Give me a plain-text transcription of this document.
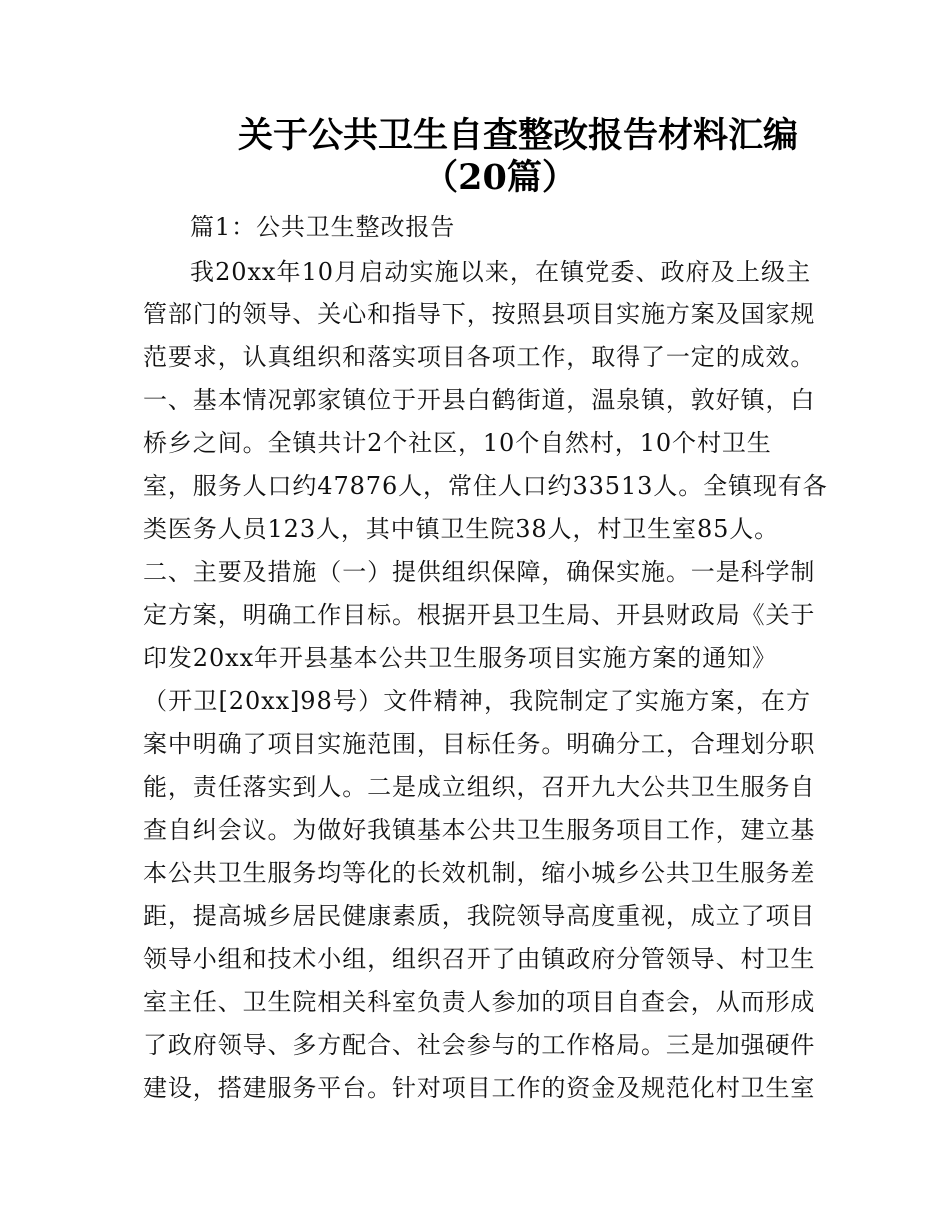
关于公共卫生自查整改报告材料汇编
（20篇）
篇1：公共卫生整改报告
我20xx年10月启动实施以来，在镇党委、政府及上级主
管部门的领导、关心和指导下，按照县项目实施方案及国家规
范要求，认真组织和落实项目各项工作，取得了一定的成效。
一、基本情况郭家镇位于开县白鹤街道，温泉镇，敦好镇，白
桥乡之间。全镇共计2个社区，10个自然村，10个村卫生
室，服务人口约47876人，常住人口约33513人。全镇现有各
类医务人员123人，其中镇卫生院38人，村卫生室85人。
二、主要及措施（一）提供组织保障，确保实施。一是科学制
定方案，明确工作目标。根据开县卫生局、开县财政局《关于
印发20xx年开县基本公共卫生服务项目实施方案的通知》
（开卫[20xx]98号）文件精神，我院制定了实施方案，在方
案中明确了项目实施范围，目标任务。明确分工，合理划分职
能，责任落实到人。二是成立组织，召开九大公共卫生服务自
查自纠会议。为做好我镇基本公共卫生服务项目工作，建立基
本公共卫生服务均等化的长效机制，缩小城乡公共卫生服务差
距，提高城乡居民健康素质，我院领导高度重视，成立了项目
领导小组和技术小组，组织召开了由镇政府分管领导、村卫生
室主任、卫生院相关科室负责人参加的项目自查会，从而形成
了政府领导、多方配合、社会参与的工作格局。三是加强硬件
建设，搭建服务平台。针对项目工作的资金及规范化村卫生室
